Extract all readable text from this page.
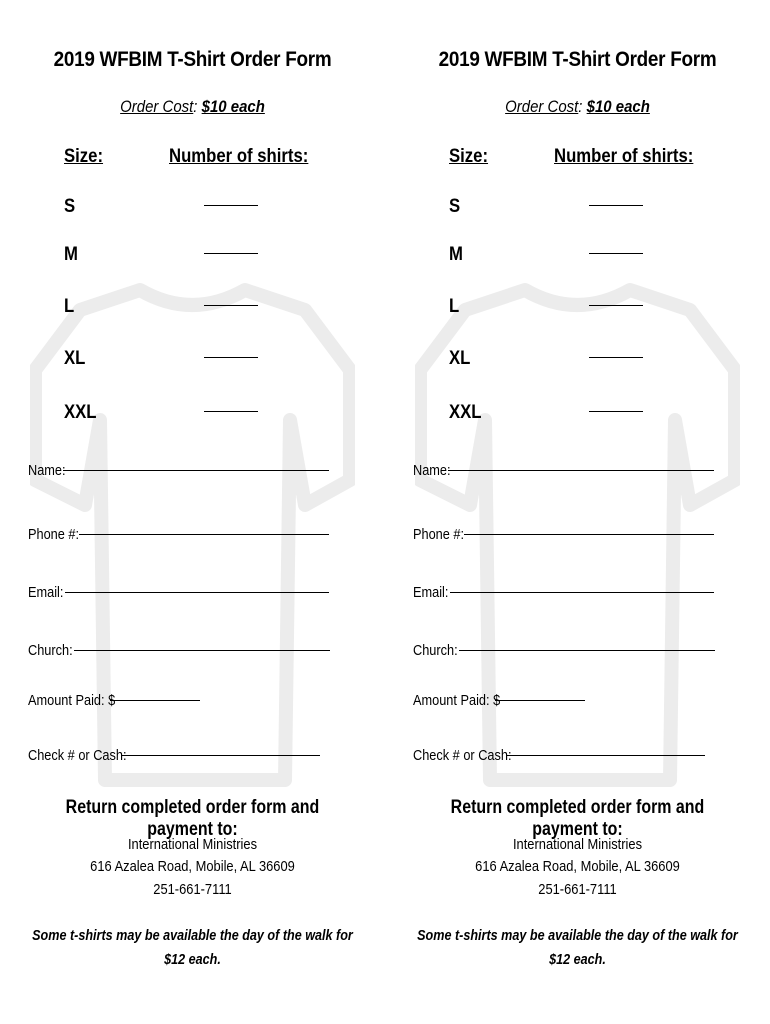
2019 WFBIM T-Shirt Order Form
Order Cost: $10 each
Size:	Number of shirts:
S
M
L
XL
XXL
Name:
Phone #:
Email:
Church:
Amount Paid: $
Check # or Cash:
Return completed order form and payment to:
International Ministries
616 Azalea Road, Mobile, AL 36609
251-661-7111
Some t-shirts may be available the day of the walk for
$12 each.
2019 WFBIM T-Shirt Order Form
Order Cost: $10 each
Size:	Number of shirts:
S
M
L
XL
XXL
Name:
Phone #:
Email:
Church:
Amount Paid: $
Check # or Cash:
Return completed order form and payment to:
International Ministries
616 Azalea Road, Mobile, AL 36609
251-661-7111
Some t-shirts may be available the day of the walk for
$12 each.
